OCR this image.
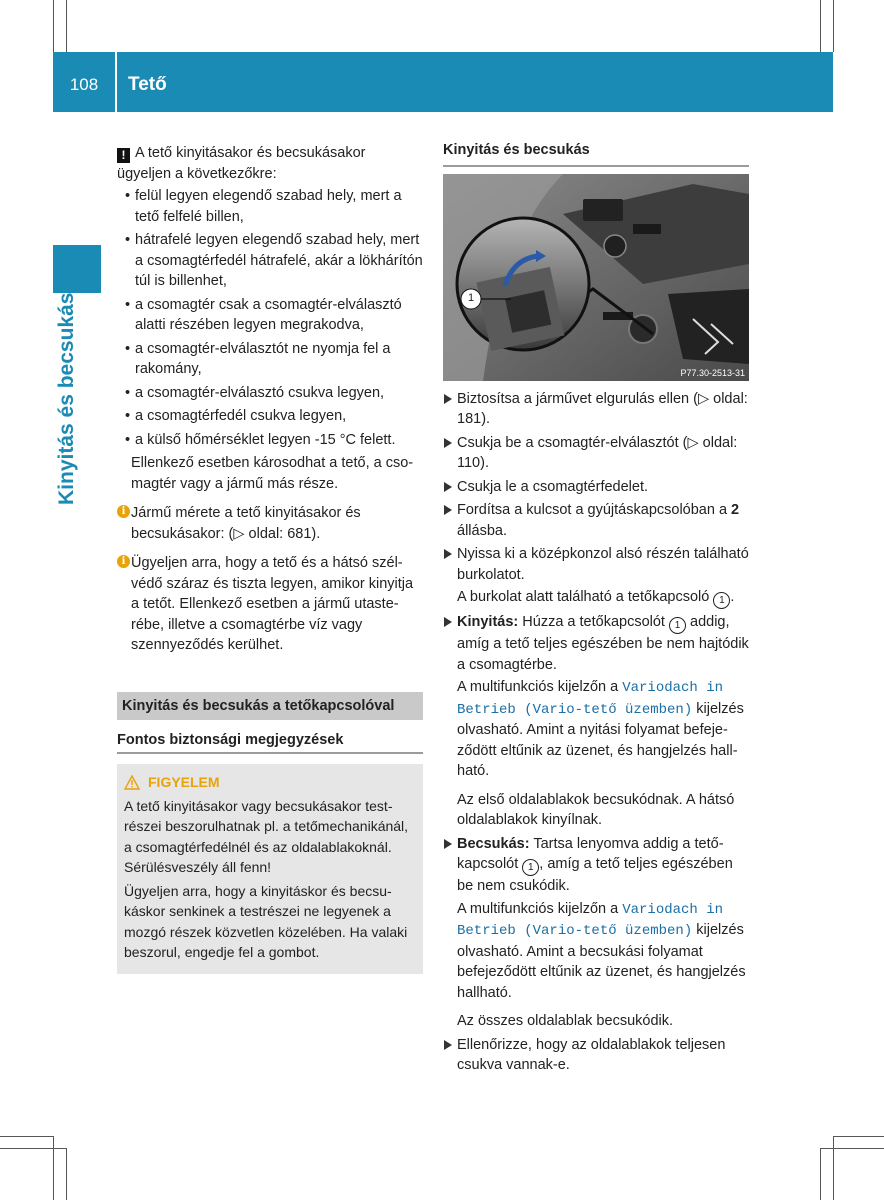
108	Tető
Kinyitás és becsukás

! A tető kinyitásakor és becsukásakor ügyeljen a következőkre:

• felül legyen elegendő szabad hely, mert a tető felfelé billen,
• hátrafelé legyen elegendő szabad hely, mert a csomagtérfedél hátrafelé, akár a lökhárítón túl is billenhet,
• a csomagtér csak a csomagtér-elválasztó alatti részében legyen megrakodva,
• a csomagtér-elválasztót ne nyomja fel a rakomány,
• a csomagtér-elválasztó csukva legyen,
• a csomagtérfedél csukva legyen,
• a külső hőmérséklet legyen -15 °C felett.

Ellenkező esetben károsodhat a tető, a csomagtér vagy a jármű más része.

i Jármű mérete a tető kinyitásakor és becsukásakor: (▷ oldal: 681).
i Ügyeljen arra, hogy a tető és a hátsó szélvédő száraz és tiszta legyen, amikor kinyitja a tetőt. Ellenkező esetben a jármű utasterébe, illetve a csomagtérbe víz vagy szennyeződés kerülhet.
Kinyitás és becsukás a tetőkapcsolóval
Fontos biztonsági megjegyzések
FIGYELEM

A tető kinyitásakor vagy becsukásakor testrészei beszorulhatnak pl. a tetőmechanikánál, a csomagtérfedélnél és az oldalablakoknál. Sérülésveszély áll fenn!

Ügyeljen arra, hogy a kinyitáskor és becsukáskor senkinek a testrészei ne legyenek a mozgó részek közvetlen közelében. Ha valaki beszorul, engedje fel a gombot.

Kinyitás és becsukás
1
P77.30-2513-31
Biztosítsa a járművet elgurulás ellen (▷ oldal: 181).
Csukja be a csomagtér-elválasztót (▷ oldal: 110).
Csukja le a csomagtérfedelet.
Fordítsa a kulcsot a gyújtáskapcsolóban a 2 állásba.
Nyissa ki a középkonzol alsó részén található burkolatot.

A burkolat alatt található a tetőkapcsoló 1 .

Kinyitás: Húzza a tetőkapcsolót 1 addig, amíg a tető teljes egészében be nem hajtódik a csomagtérbe.

A multifunkciós kijelzőn a Variodach in Betrieb (Vario-tető üzemben) kijelzés olvasható. Amint a nyitási folyamat befejeződött eltűnik az üzenet, és hangjelzés hallható.

Az első oldalablakok becsukódnak. A hátsó oldalablakok kinyílnak.

Becsukás: Tartsa lenyomva addig a tetőkapcsolót 1 , amíg a tető teljes egészében be nem csukódik.

A multifunkciós kijelzőn a Variodach in Betrieb (Vario-tető üzemben) kijelzés olvasható. Amint a becsukási folyamat befejeződött eltűnik az üzenet, és hangjelzés hallható.

Az összes oldalablak becsukódik.

Ellenőrizze, hogy az oldalablakok teljesen csukva vannak-e.
